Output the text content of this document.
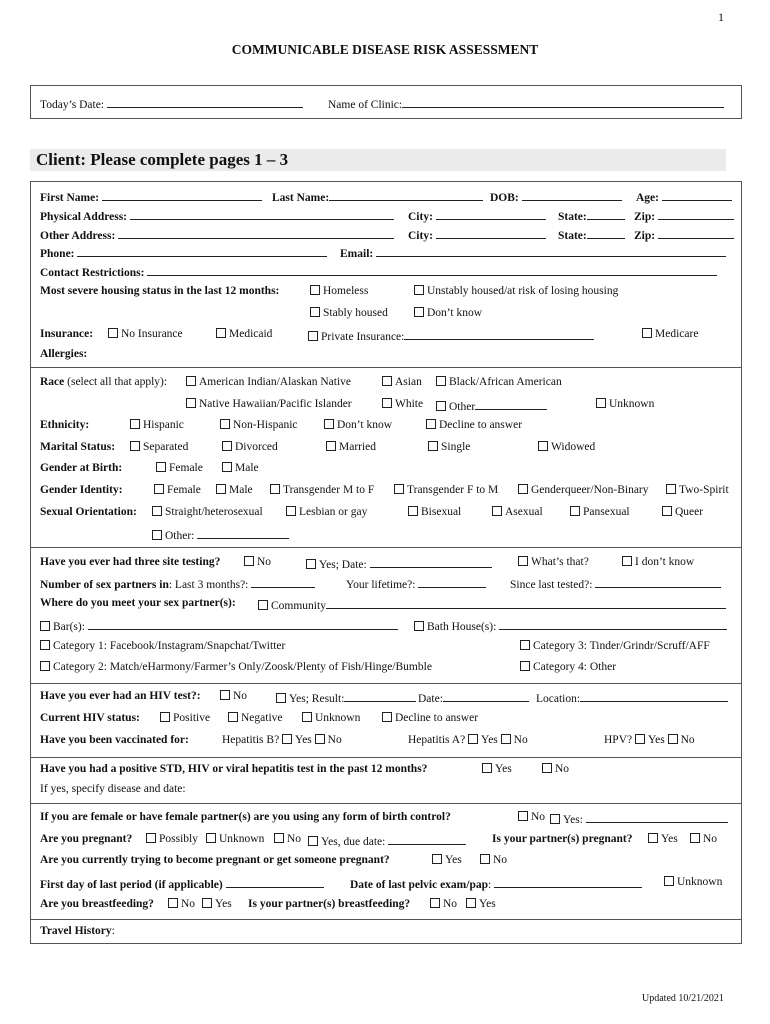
1
COMMUNICABLE DISEASE RISK ASSESSMENT
Today’s Date:	Name of Clinic:
Client: Please complete pages 1 – 3
First Name:	Last Name:	DOB:	Age:
Physical Address:	City:	State:	Zip:
Other Address:	City:	State:	Zip:
Phone:	Email:
Contact Restrictions:
Most severe housing status in the last 12 months:	Homeless	Unstably housed/at risk of losing housing
Stably housed	Don’t know
Insurance:	No Insurance	Medicaid	Private Insurance:	Medicare
Allergies:
Race (select all that apply):	American Indian/Alaskan Native	Asian	Black/African American
Native Hawaiian/Pacific Islander	White	Other	Unknown
Ethnicity:	Hispanic	Non-Hispanic	Don’t know	Decline to answer
Marital Status:	Separated	Divorced	Married	Single	Widowed
Gender at Birth:	Female	Male
Gender Identity:	Female	Male	Transgender M to F	Transgender F to M	Genderqueer/Non-Binary	Two-Spirit
Sexual Orientation:	Straight/heterosexual	Lesbian or gay	Bisexual	Asexual	Pansexual	Queer
Other:
Have you ever had three site testing?	No	Yes; Date:	What’s that?	I don’t know
Number of sex partners in: Last 3 months?:	Your lifetime?:	Since last tested?:
Where do you meet your sex partner(s):	Community
Bar(s):	Bath House(s):
Category 1: Facebook/Instagram/Snapchat/Twitter	Category 3: Tinder/Grindr/Scruff/AFF
Category 2: Match/eHarmony/Farmer’s Only/Zoosk/Plenty of Fish/Hinge/Bumble	Category 4: Other
Have you ever had an HIV test?:	No	Yes; Result:	Date:	Location:
Current HIV status:	Positive	Negative	Unknown	Decline to answer
Have you been vaccinated for:	Hepatitis B? Yes No	Hepatitis A? Yes No	HPV? Yes No
Have you had a positive STD, HIV or viral hepatitis test in the past 12 months?	Yes	No
If yes, specify disease and date:
If you are female or have female partner(s) are you using any form of birth control?	No	Yes:
Are you pregnant?	Possibly	Unknown	No	Yes, due date:	Is your partner(s) pregnant?	Yes	No
Are you currently trying to become pregnant or get someone pregnant?	Yes	No
First day of last period (if applicable)	Date of last pelvic exam/pap:	Unknown
Are you breastfeeding?	No	Yes Is your partner(s) breastfeeding?	No	Yes
Travel History:
Updated 10/21/2021
